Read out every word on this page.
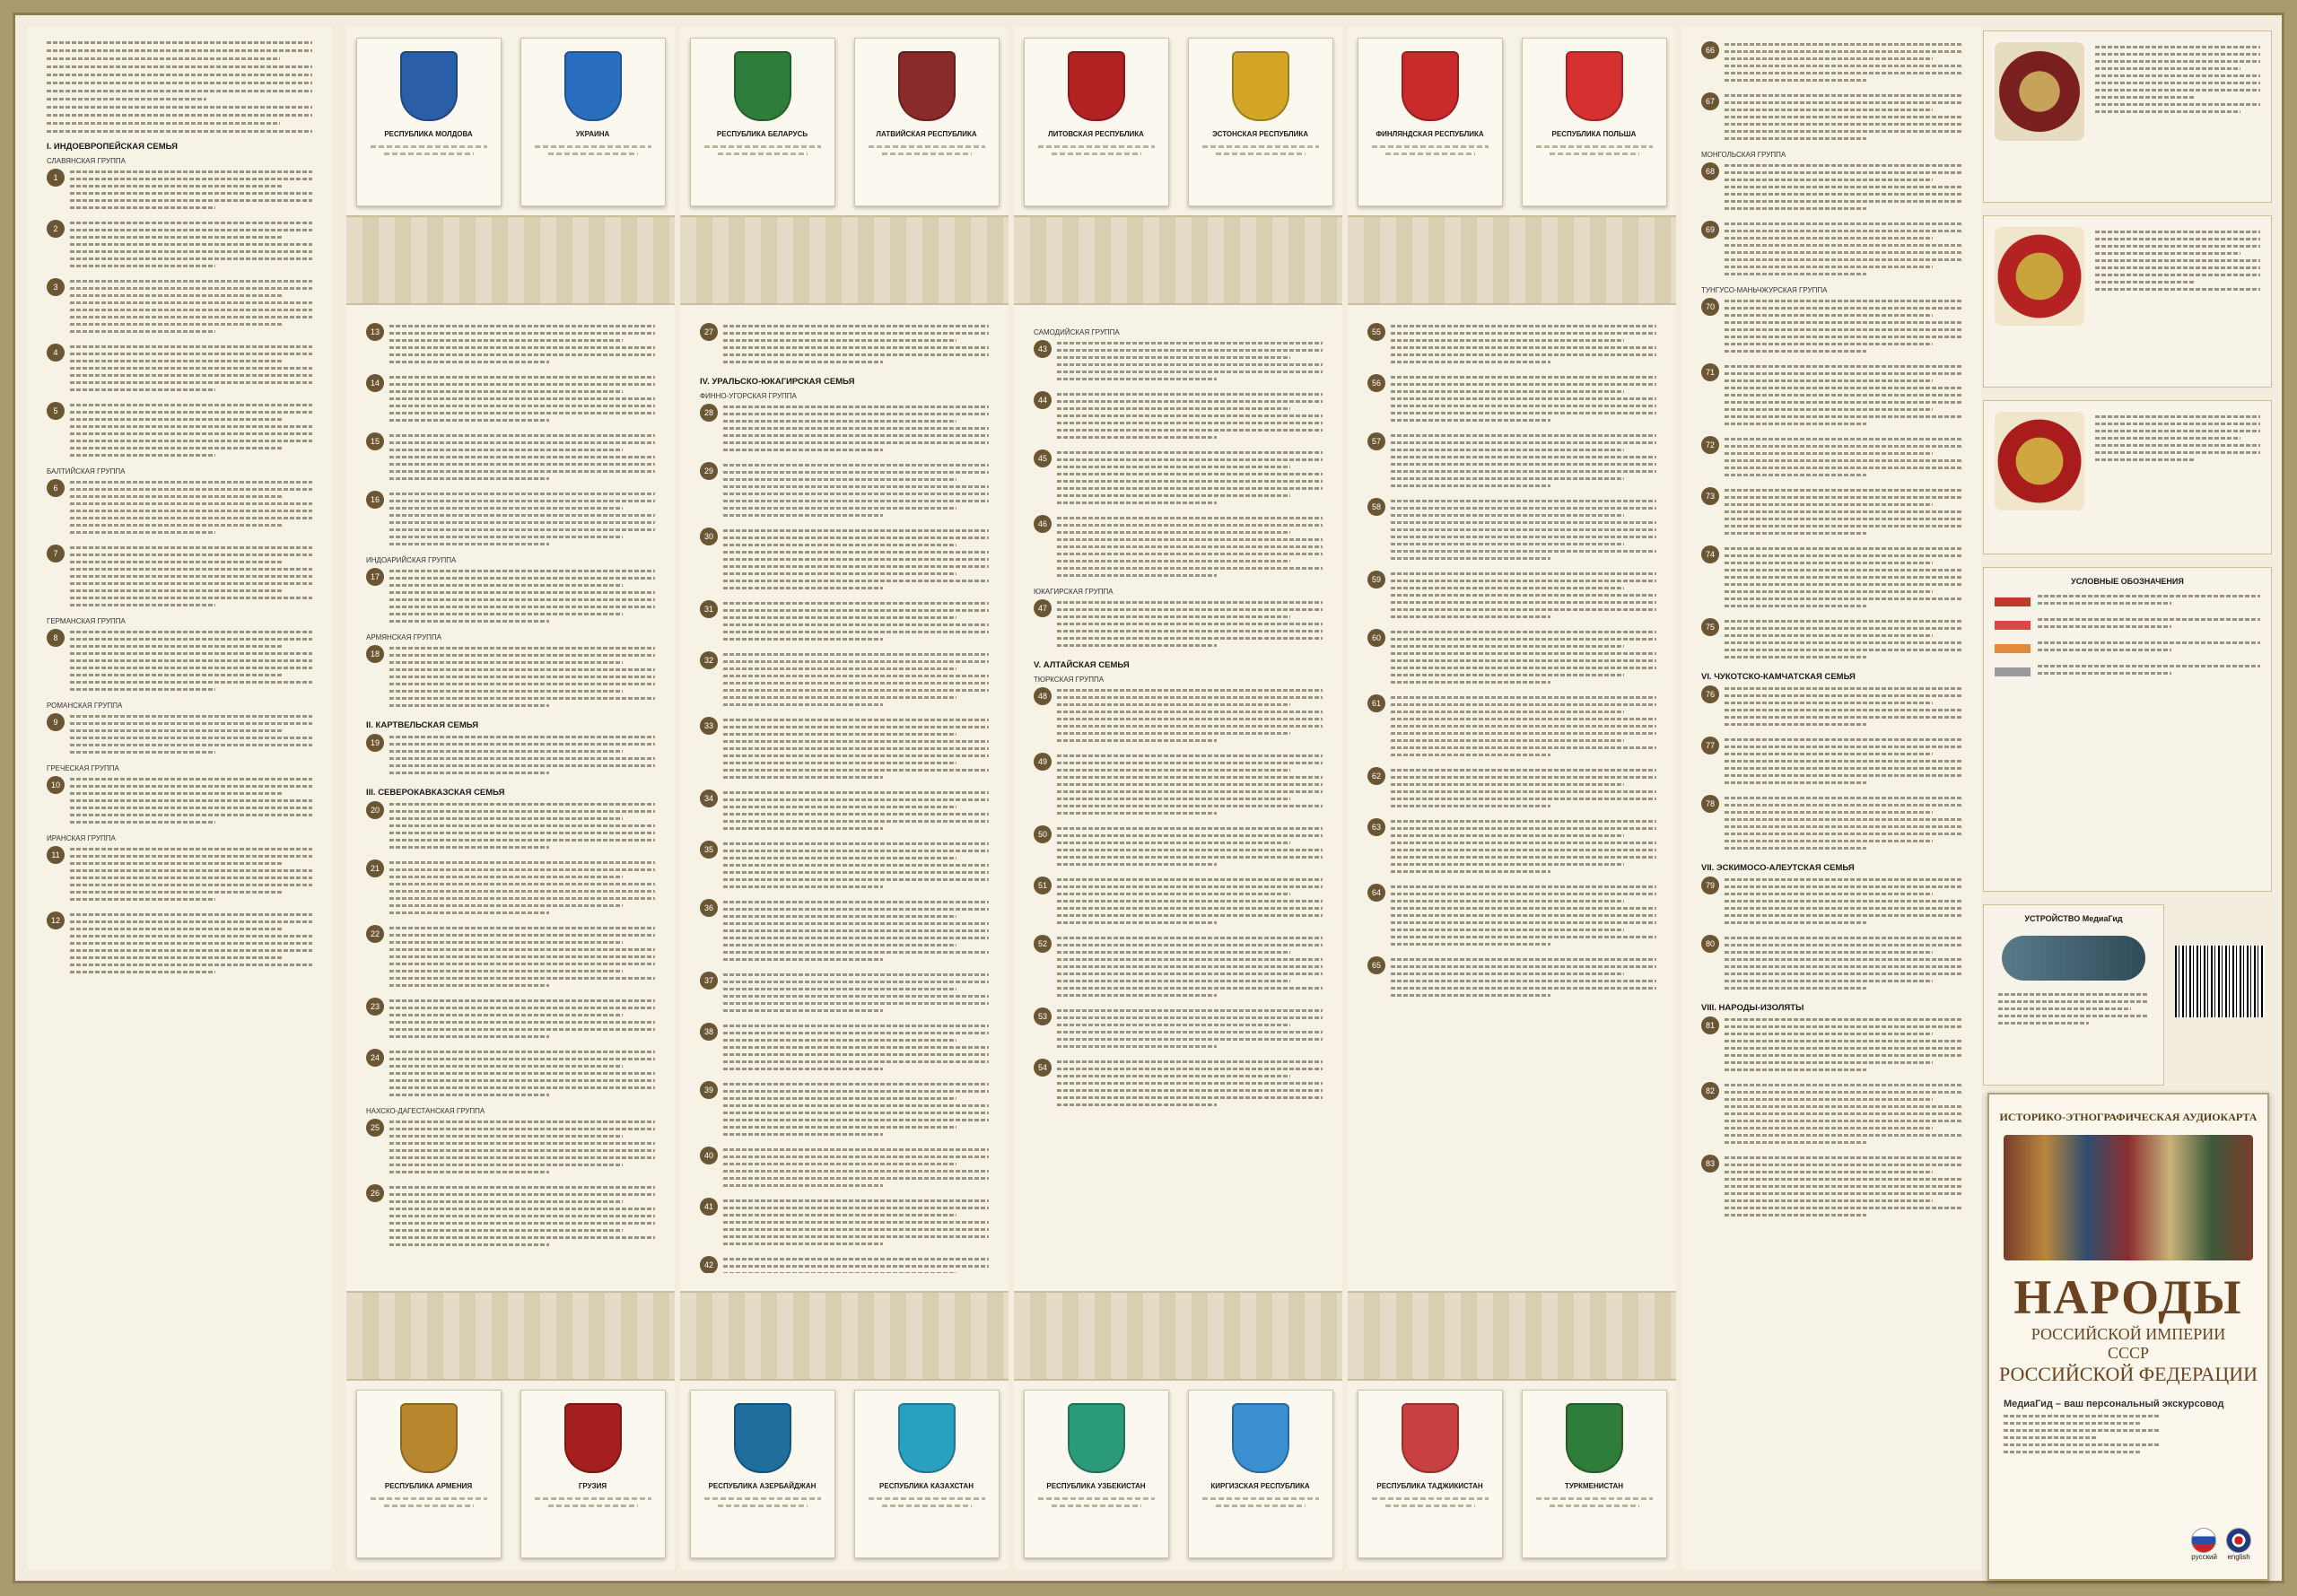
I. ИНДОЕВРОПЕЙСКАЯ СЕМЬЯ
СЛАВЯНСКАЯ ГРУППА
1
2
3
4
5
БАЛТИЙСКАЯ ГРУППА
6
7
ГЕРМАНСКАЯ ГРУППА
8
РОМАНСКАЯ ГРУППА
9
ГРЕЧЕСКАЯ ГРУППА
10
ИРАНСКАЯ ГРУППА
11
12
РЕСПУБЛИКА МОЛДОВА	УКРАИНА
13
14
15
16
ИНДОАРИЙСКАЯ ГРУППА
17
АРМЯНСКАЯ ГРУППА
18
II. КАРТВЕЛЬСКАЯ СЕМЬЯ
19
III. СЕВЕРОКАВКАЗСКАЯ СЕМЬЯ
20
21
22
23
24
НАХСКО-ДАГЕСТАНСКАЯ ГРУППА
25
26
РЕСПУБЛИКА АРМЕНИЯ	ГРУЗИЯ
РЕСПУБЛИКА БЕЛАРУСЬ	ЛАТВИЙСКАЯ РЕСПУБЛИКА
27
IV. УРАЛЬСКО-ЮКАГИРСКАЯ СЕМЬЯ
ФИННО-УГОРСКАЯ ГРУППА
28
29
30
31
32
33
34
35
36
37
38
39
40
41
42
РЕСПУБЛИКА АЗЕРБАЙДЖАН	РЕСПУБЛИКА КАЗАХСТАН
ЛИТОВСКАЯ РЕСПУБЛИКА	ЭСТОНСКАЯ РЕСПУБЛИКА
САМОДИЙСКАЯ ГРУППА
43
44
45
46
ЮКАГИРСКАЯ ГРУППА
47
V. АЛТАЙСКАЯ СЕМЬЯ
ТЮРКСКАЯ ГРУППА
48
49
50
51
52
53
54
РЕСПУБЛИКА УЗБЕКИСТАН	КИРГИЗСКАЯ РЕСПУБЛИКА
ФИНЛЯНДСКАЯ РЕСПУБЛИКА	РЕСПУБЛИКА ПОЛЬША
55
56
57
58
59
60
61
62
63
64
65
РЕСПУБЛИКА ТАДЖИКИСТАН	ТУРКМЕНИСТАН
66
67
МОНГОЛЬСКАЯ ГРУППА
68
69
ТУНГУСО-МАНЬЧЖУРСКАЯ ГРУППА
70
71
72
73
74
75
VI. ЧУКОТСКО-КАМЧАТСКАЯ СЕМЬЯ
76
77
78
VII. ЭСКИМОСО-АЛЕУТСКАЯ СЕМЬЯ
79
80
VIII. НАРОДЫ-ИЗОЛЯТЫ
81
82
83
УСЛОВНЫЕ ОБОЗНАЧЕНИЯ
УСТРОЙСТВО МедиаГид
ИСТОРИКО-ЭТНОГРАФИЧЕСКАЯ АУДИОКАРТА
НАРОДЫ
РОССИЙСКОЙ ИМПЕРИИ
СССР
РОССИЙСКОЙ ФЕДЕРАЦИИ
МедиаГид – ваш персональный экскурсовод
русский english
